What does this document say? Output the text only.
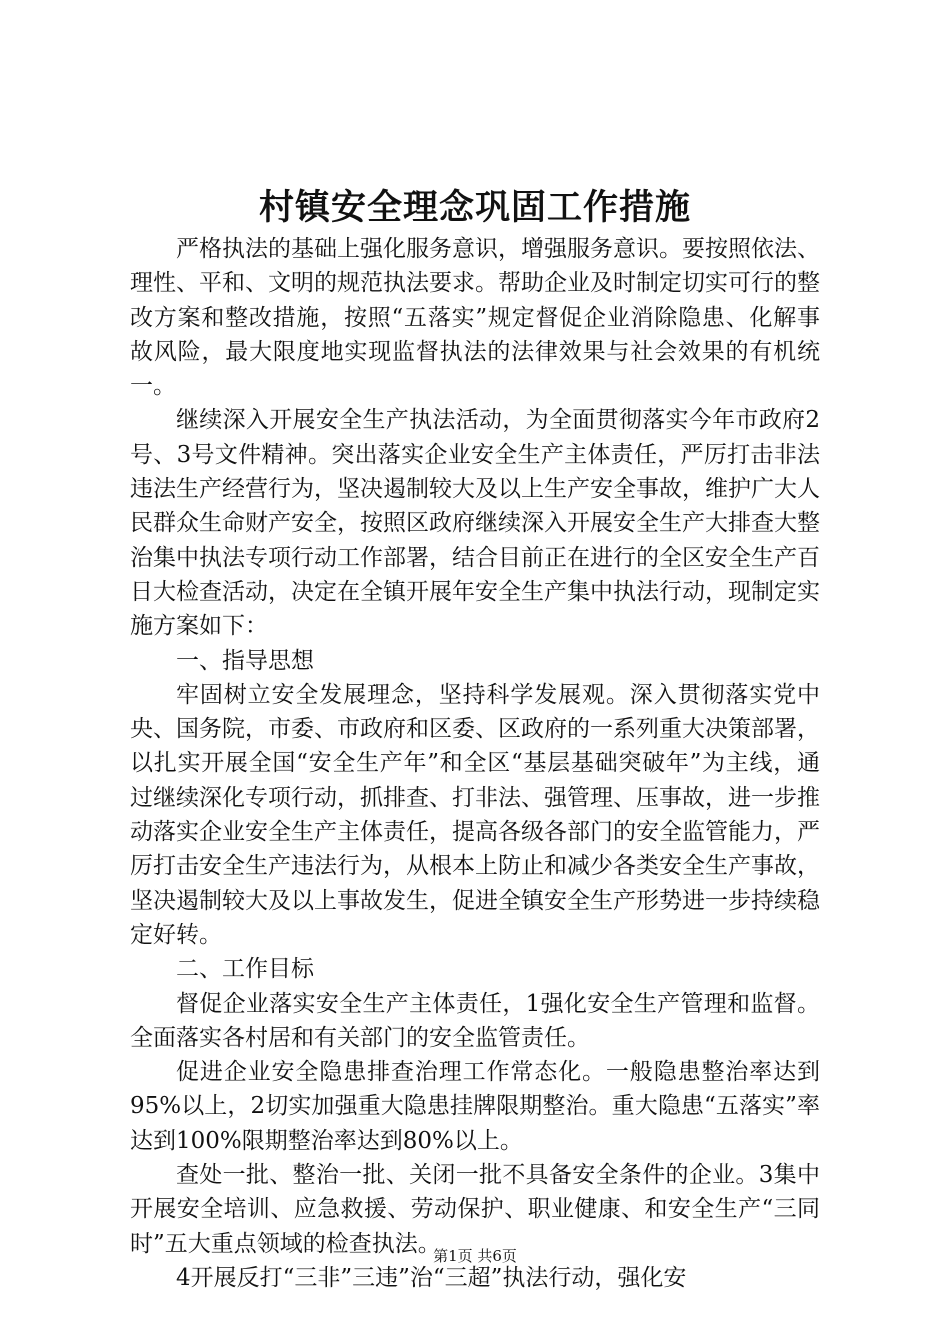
村镇安全理念巩固工作措施

严格执法的基础上强化服务意识，增强服务意识。要按照依法、理性、平和、文明的规范执法要求。帮助企业及时制定切实可行的整改方案和整改措施，按照“五落实”规定督促企业消除隐患、化解事故风险，最大限度地实现监督执法的法律效果与社会效果的有机统一。

继续深入开展安全生产执法活动，为全面贯彻落实今年市政府2号、3号文件精神。突出落实企业安全生产主体责任，严厉打击非法违法生产经营行为，坚决遏制较大及以上生产安全事故，维护广大人民群众生命财产安全，按照区政府继续深入开展安全生产大排查大整治集中执法专项行动工作部署，结合目前正在进行的全区安全生产百日大检查活动，决定在全镇开展年安全生产集中执法行动，现制定实施方案如下：

一、指导思想

牢固树立安全发展理念，坚持科学发展观。深入贯彻落实党中央、国务院，市委、市政府和区委、区政府的一系列重大决策部署，以扎实开展全国“安全生产年”和全区“基层基础突破年”为主线，通过继续深化专项行动，抓排查、打非法、强管理、压事故，进一步推动落实企业安全生产主体责任，提高各级各部门的安全监管能力，严厉打击安全生产违法行为，从根本上防止和减少各类安全生产事故，坚决遏制较大及以上事故发生，促进全镇安全生产形势进一步持续稳定好转。

二、工作目标

督促企业落实安全生产主体责任，1强化安全生产管理和监督。全面落实各村居和有关部门的安全监管责任。

促进企业安全隐患排查治理工作常态化。一般隐患整治率达到95%以上，2切实加强重大隐患挂牌限期整治。重大隐患“五落实”率达到100%限期整治率达到80%以上。

查处一批、整治一批、关闭一批不具备安全条件的企业。3集中开展安全培训、应急救援、劳动保护、职业健康、和安全生产“三同时”五大重点领域的检查执法。

4开展反打“三非”三违”治“三超”执法行动，强化安

第1页 共6页
